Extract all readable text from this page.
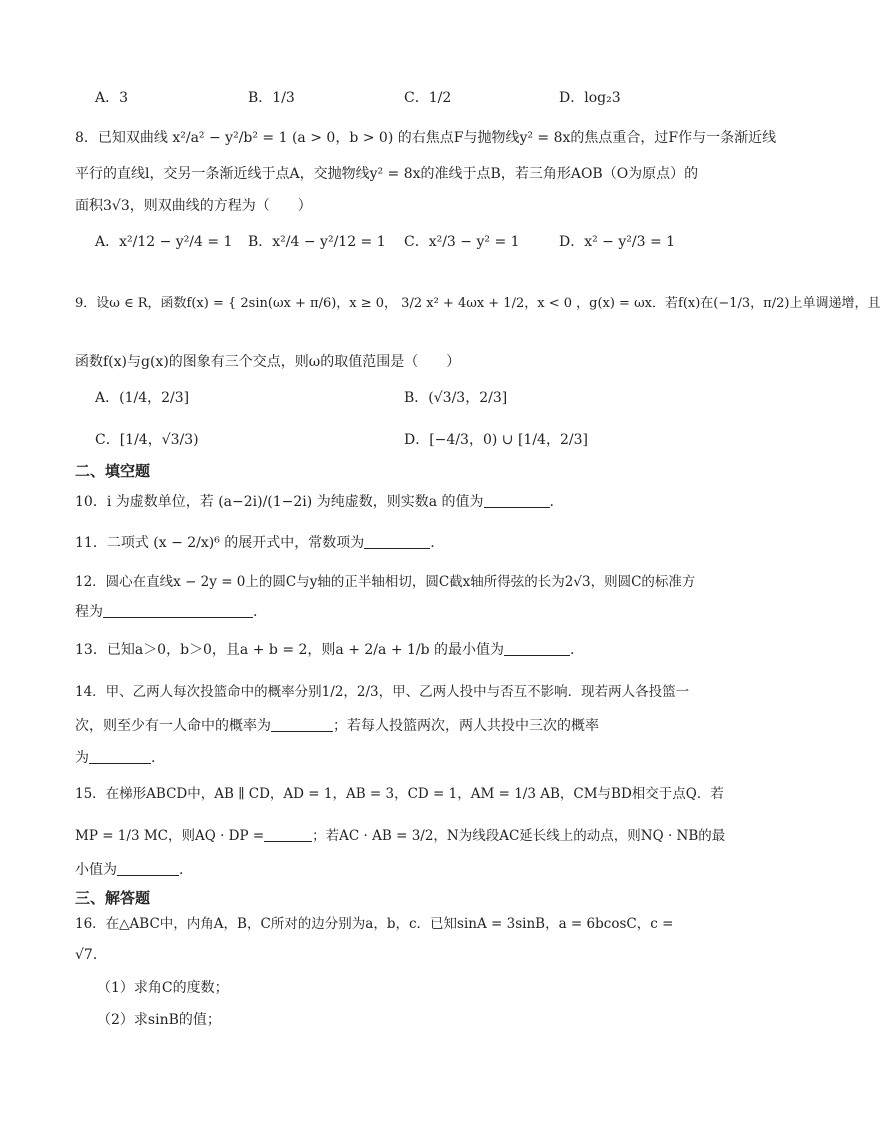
A．3	B．1/3	C．1/2	D．log₂3
8．已知双曲线 x²/a² − y²/b² = 1 (a > 0，b > 0) 的右焦点F与抛物线y² = 8x的焦点重合，过F作与一条渐近线
平行的直线l，交另一条渐近线于点A，交抛物线y² = 8x的准线于点B，若三角形AOB（O为原点）的
面积3√3，则双曲线的方程为（　　）
A．x²/12 − y²/4 = 1 B．x²/4 − y²/12 = 1 C．x²/3 − y² = 1	D．x² − y²/3 = 1
9．设ω ∈ R，函数f(x) = { 2sin(ωx + π/6)，x ≥ 0， 3/2 x² + 4ωx + 1/2，x < 0 ，g(x) = ωx．若f(x)在(−1/3，π/2)上单调递增，且
函数f(x)与g(x)的图象有三个交点，则ω的取值范围是（　　）
A．(1/4，2/3]	B．(√3/3，2/3]
C．[1/4，√3/3)	D．[−4/3，0) ∪ [1/4，2/3]
二、填空题
10．i 为虚数单位，若 (a−2i)/(1−2i) 为纯虚数，则实数a 的值为	.
11．二项式 (x − 2/x)⁶ 的展开式中，常数项为	.
12．圆心在直线x − 2y = 0上的圆C与y轴的正半轴相切，圆C截x轴所得弦的长为2√3，则圆C的标准方
程为	.
13．已知a＞0，b＞0，且a + b = 2，则a + 2/a + 1/b 的最小值为	.
14．甲、乙两人每次投篮命中的概率分别1/2，2/3，甲、乙两人投中与否互不影响．现若两人各投篮一
次，则至少有一人命中的概率为	；若每人投篮两次，两人共投中三次的概率
为	.
15．在梯形ABCD中，AB ∥ CD，AD = 1，AB = 3，CD = 1，AM = 1/3 AB，CM与BD相交于点Q．若
MP = 1/3 MC，则AQ · DP =	；若AC · AB = 3/2，N为线段AC延长线上的动点，则NQ · NB的最
小值为	.
三、解答题
16．在△ABC中，内角A，B，C所对的边分别为a，b，c．已知sinA = 3sinB，a = 6bcosC，c =
√7．
（1）求角C的度数；
（2）求sinB的值；
